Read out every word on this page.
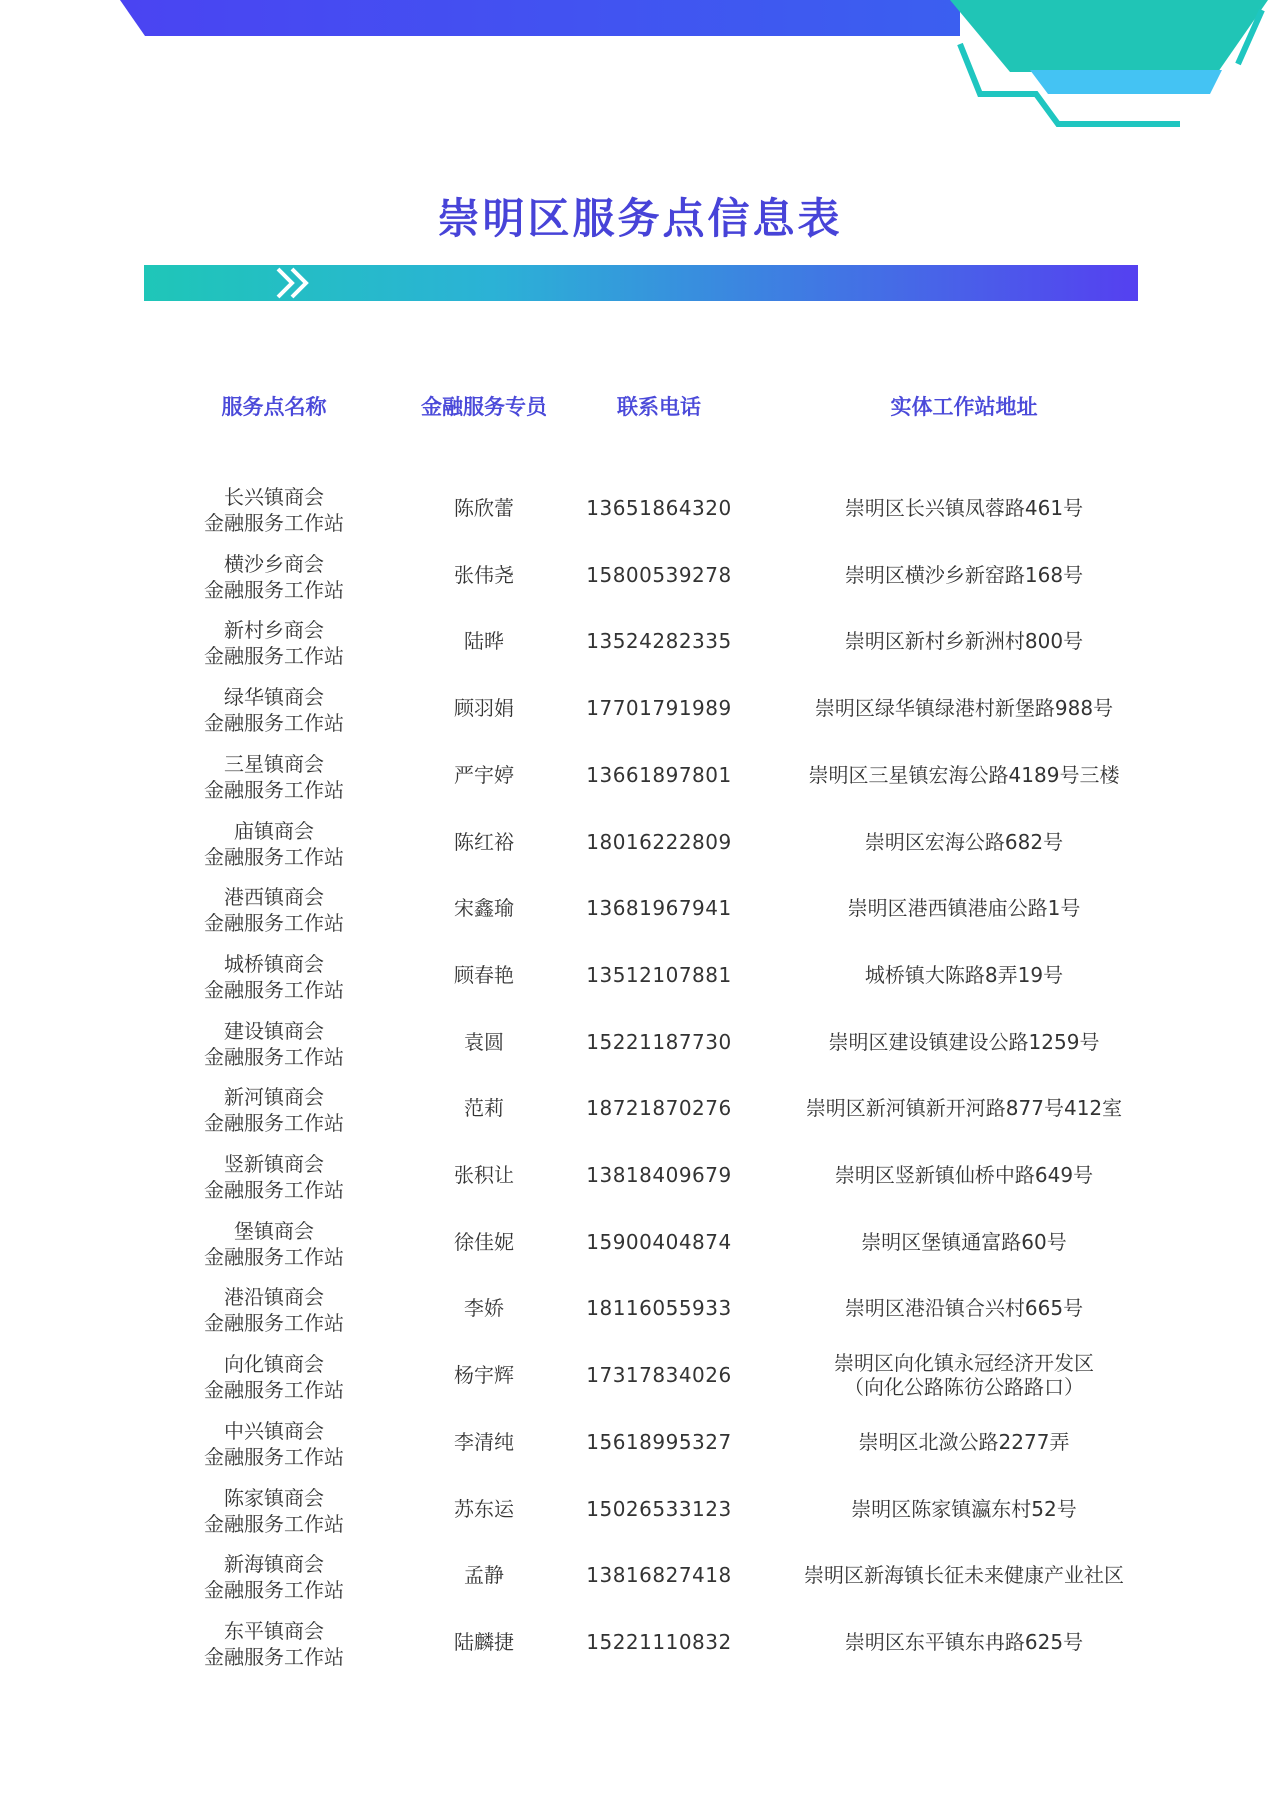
崇明区服务点信息表
服务点名称	金融服务专员	联系电话	实体工作站地址
长兴镇商会
金融服务工作站
陈欣蕾	13651864320	崇明区长兴镇凤蓉路461号
横沙乡商会
金融服务工作站
张伟尧	15800539278	崇明区横沙乡新窑路168号
新村乡商会
金融服务工作站
陆晔	13524282335	崇明区新村乡新洲村800号
绿华镇商会
金融服务工作站
顾羽娟	17701791989	崇明区绿华镇绿港村新堡路988号
三星镇商会
金融服务工作站
严宇婷	13661897801	崇明区三星镇宏海公路4189号三楼
庙镇商会
金融服务工作站
陈红裕	18016222809	崇明区宏海公路682号
港西镇商会
金融服务工作站
宋鑫瑜	13681967941	崇明区港西镇港庙公路1号
城桥镇商会
金融服务工作站
顾春艳	13512107881	城桥镇大陈路8弄19号
建设镇商会
金融服务工作站
袁圆	15221187730	崇明区建设镇建设公路1259号
新河镇商会
金融服务工作站
范莉	18721870276	崇明区新河镇新开河路877号412室
竖新镇商会
金融服务工作站
张积让	13818409679	崇明区竖新镇仙桥中路649号
堡镇商会
金融服务工作站
徐佳妮	15900404874	崇明区堡镇通富路60号
港沿镇商会
金融服务工作站
李娇	18116055933	崇明区港沿镇合兴村665号
向化镇商会
金融服务工作站
杨宇辉	17317834026	崇明区向化镇永冠经济开发区
（向化公路陈彷公路路口）
中兴镇商会
金融服务工作站
李清纯	15618995327	崇明区北潋公路2277弄
陈家镇商会
金融服务工作站
苏东运	15026533123	崇明区陈家镇瀛东村52号
新海镇商会
金融服务工作站
孟静	13816827418	崇明区新海镇长征未来健康产业社区
东平镇商会
金融服务工作站
陆麟捷	15221110832	崇明区东平镇东冉路625号
